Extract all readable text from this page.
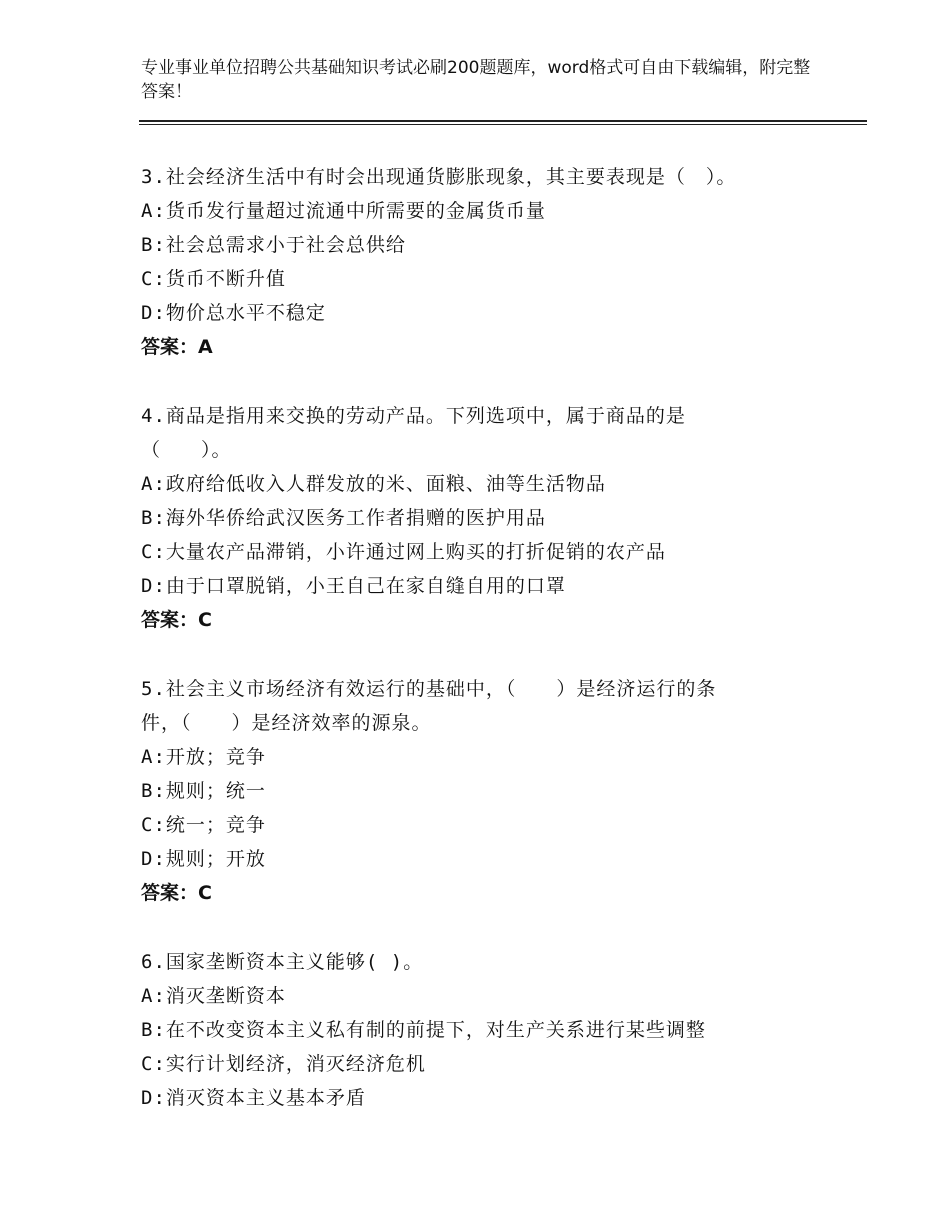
专业事业单位招聘公共基础知识考试必刷200题题库，word格式可自由下载编辑，附完整答案！
3.社会经济生活中有时会出现通货膨胀现象，其主要表现是（　）。
A:货币发行量超过流通中所需要的金属货币量
B:社会总需求小于社会总供给
C:货币不断升值
D:物价总水平不稳定
答案：A
4.商品是指用来交换的劳动产品。下列选项中，属于商品的是
（　　）。
A:政府给低收入人群发放的米、面粮、油等生活物品
B:海外华侨给武汉医务工作者捐赠的医护用品
C:大量农产品滞销，小许通过网上购买的打折促销的农产品
D:由于口罩脱销，小王自己在家自缝自用的口罩
答案：C
5.社会主义市场经济有效运行的基础中，（　　）是经济运行的条
件，（　　）是经济效率的源泉。
A:开放；竞争
B:规则；统一
C:统一；竞争
D:规则；开放
答案：C
6.国家垄断资本主义能够( )。
A:消灭垄断资本
B:在不改变资本主义私有制的前提下，对生产关系进行某些调整
C:实行计划经济，消灭经济危机
D:消灭资本主义基本矛盾
